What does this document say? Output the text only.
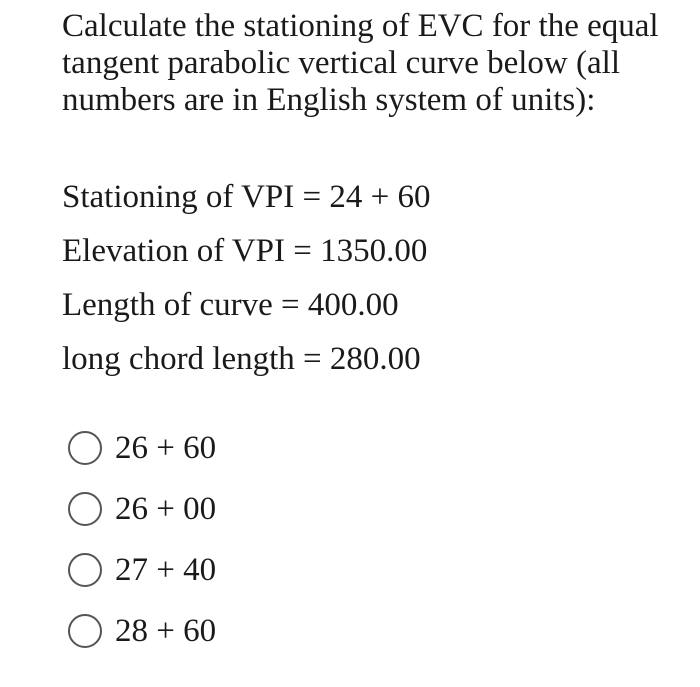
Calculate the stationing of EVC for the equal tangent parabolic vertical curve below (all numbers are in English system of units):

Stationing of VPI = 24 + 60
Elevation of VPI = 1350.00
Length of curve = 400.00
long chord length = 280.00
26 + 60
26 + 00
27 + 40
28 + 60
